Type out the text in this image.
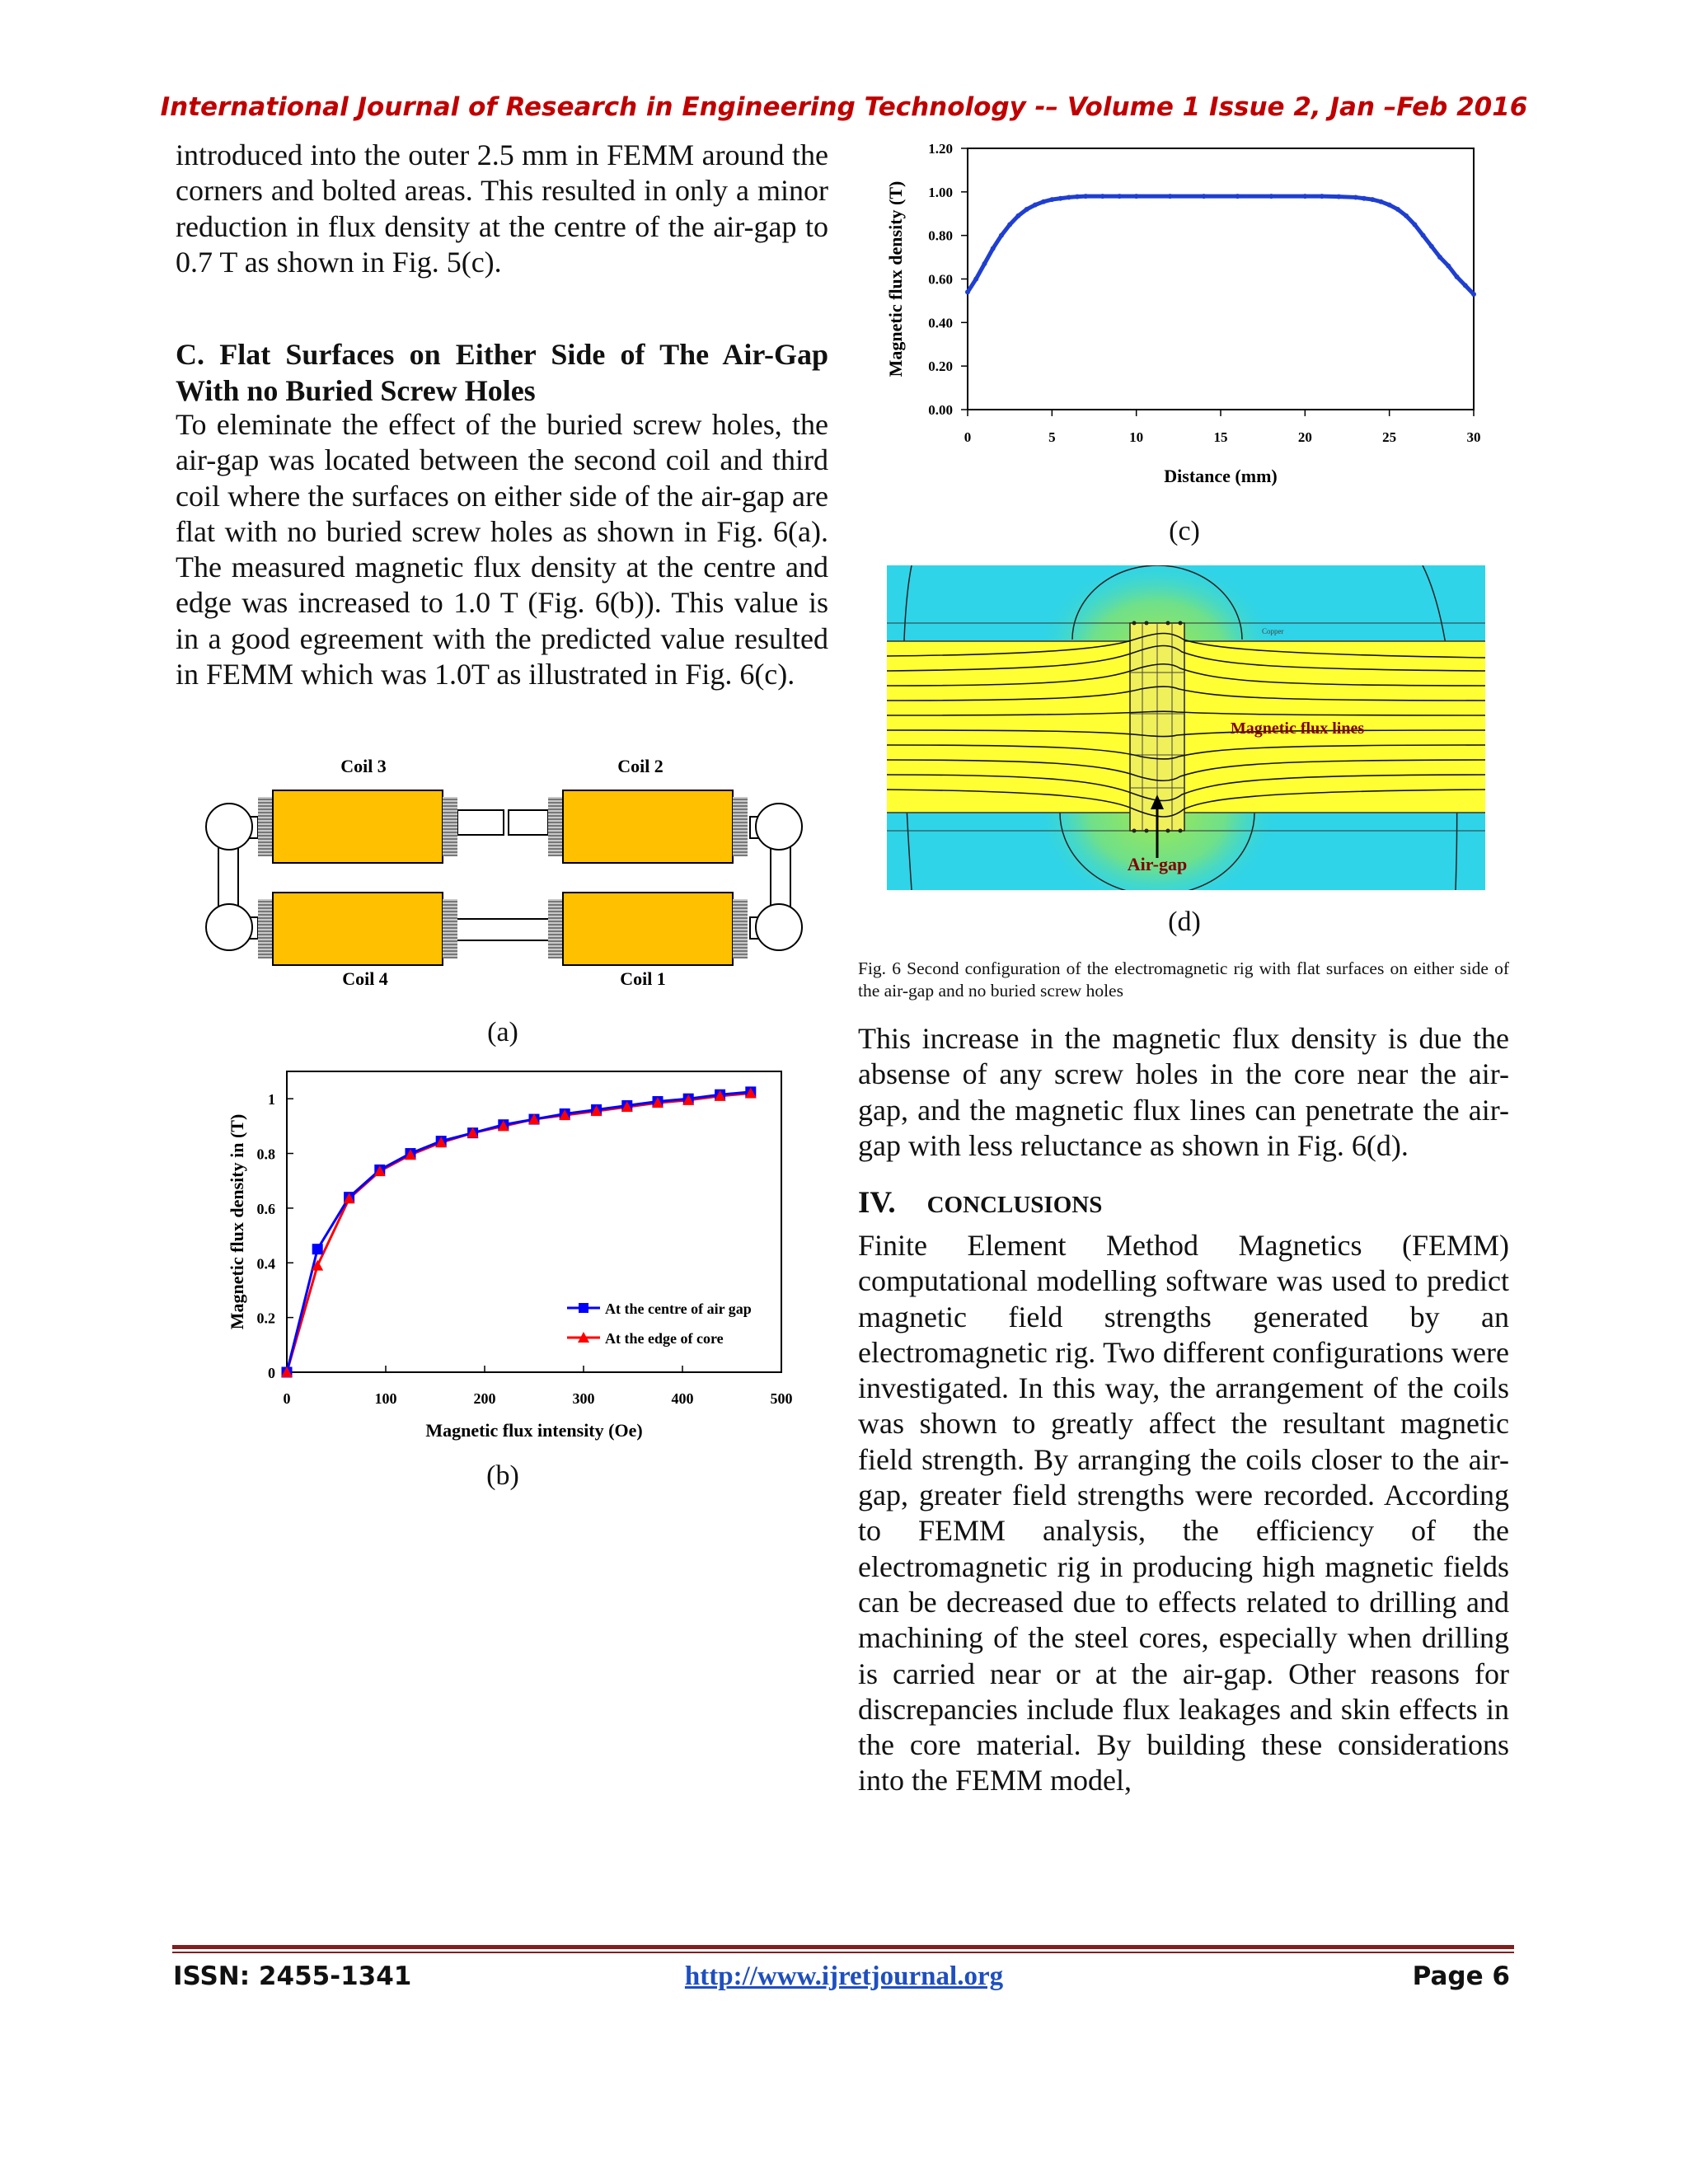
International Journal of Research in Engineering Technology -– Volume 1 Issue 2, Jan –Feb 2016
introduced into the outer 2.5 mm in FEMM around the corners and bolted areas. This resulted in only a minor reduction in flux density at the centre of the air-gap to 0.7 T as shown in Fig. 5(c).
C. Flat Surfaces on Either Side of The Air-Gap With no Buried Screw Holes
To eleminate the effect of the buried screw holes, the air-gap was located between the second coil and third coil where the surfaces on either side of the air-gap are flat with no buried screw holes as shown in Fig. 6(a). The measured magnetic flux density at the centre and edge was increased to 1.0 T (Fig. 6(b)). This value is in a good egreement with the predicted value resulted in FEMM which was 1.0T as illustrated in Fig. 6(c).
Coil 3	Coil 2
Coil 4	Coil 1
(a)
0
0.2
0.4
0.6
0.8
1
0	100	200	300	400	500
Magnetic flux intensity (Oe)
Magnetic flux density in (T)	At the centre of air gap
At the edge of core
(b)
0.00
0.20
0.40
0.60
0.80
1.00
1.20
0	5	10	15	20	25	30
Distance (mm)
Magnetic flux density (T)
(c)
Air-gap
Magnetic flux lines
Copper
(d)
Fig. 6 Second configuration of the electromagnetic rig with flat surfaces on either side of the air-gap and no buried screw holes
This increase in the magnetic flux density is due the absense of any screw holes in the core near the air-gap, and the magnetic flux lines can penetrate the air-gap with less reluctance as shown in Fig. 6(d).
IV. CONCLUSIONS
Finite Element Method Magnetics (FEMM) computational modelling software was used to predict magnetic field strengths generated by an electromagnetic rig. Two different configurations were investigated. In this way, the arrangement of the coils was shown to greatly affect the resultant magnetic field strength. By arranging the coils closer to the air-gap, greater field strengths were recorded. According to FEMM analysis, the efficiency of the electromagnetic rig in producing high magnetic fields can be decreased due to effects related to drilling and machining of the steel cores, especially when drilling is carried near or at the air-gap. Other reasons for discrepancies include flux leakages and skin effects in the core material. By building these considerations into the FEMM model,
ISSN: 2455-1341	http://www.ijretjournal.org	Page 6
